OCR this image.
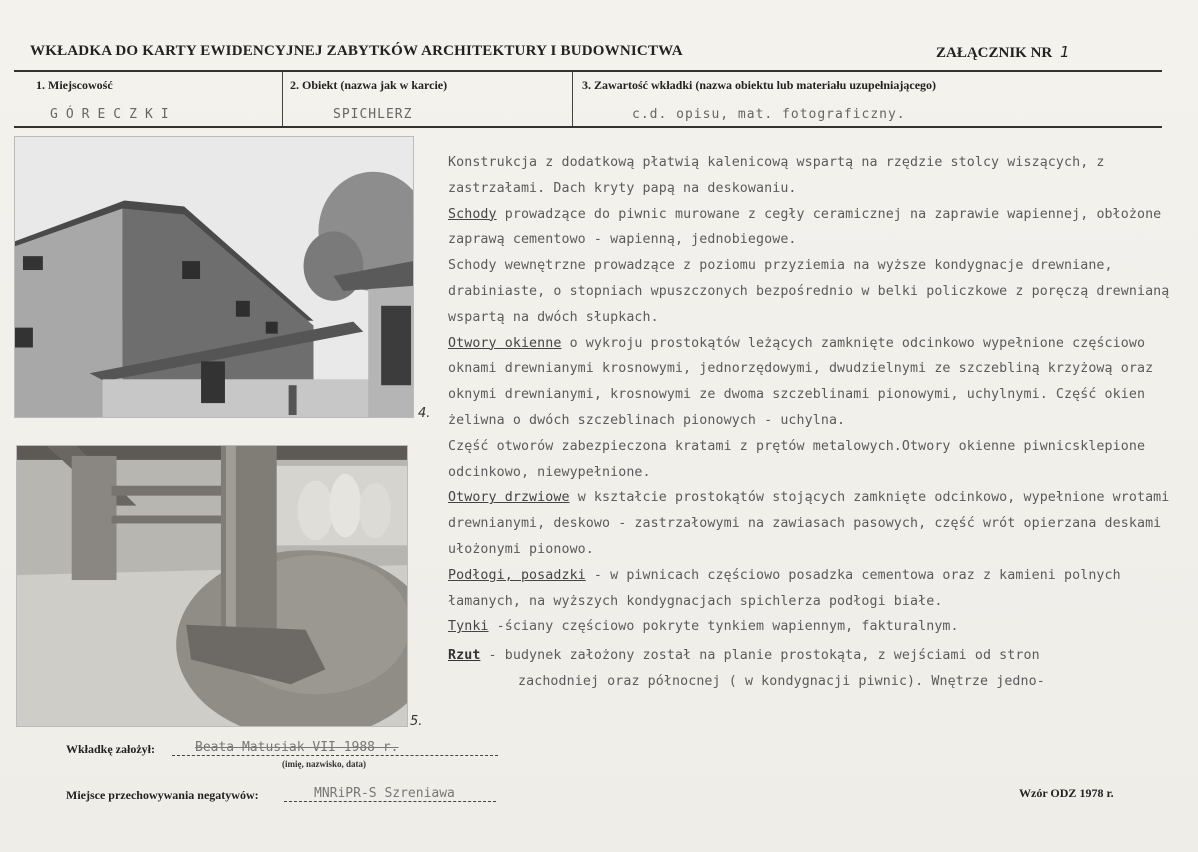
WKŁADKA DO KARTY EWIDENCYJNEJ ZABYTKÓW ARCHITEKTURY I BUDOWNICTWA	ZAŁĄCZNIK NR 1
1. Miejscowość
GÓRECZKI
2. Obiekt (nazwa jak w karcie)
SPICHLERZ
3. Zawartość wkładki (nazwa obiektu lub materiału uzupełniającego)
c.d. opisu, mat. fotograficzny.
4.
5.

Konstrukcja z dodatkową płatwią kalenicową wspartą na rzędzie stolcy wiszących, z zastrzałami. Dach kryty papą na deskowaniu.

Schody prowadzące do piwnic murowane z cegły ceramicznej na zaprawie wapiennej, obłożone zaprawą cementowo - wapienną, jednobiegowe.

Schody wewnętrzne prowadzące z poziomu przyziemia na wyższe kondygnacje drewniane, drabiniaste, o stopniach wpuszczonych bezpośrednio w belki policzkowe z poręczą drewnianą wspartą na dwóch słupkach.

Otwory okienne o wykroju prostokątów leżących zamknięte odcinkowo wypełnione częściowo oknami drewnianymi krosnowymi, jednorzędowymi, dwudzielnymi ze szczebliną krzyżową oraz oknymi drewnianymi, krosnowymi ze dwoma szczeblinami pionowymi, uchylnymi. Część okien żeliwna o dwóch szczeblinach pionowych - uchylna.

Część otworów zabezpieczona kratami z prętów metalowych.Otwory okienne piwnicsklepione odcinkowo, niewypełnione.

Otwory drzwiowe w kształcie prostokątów stojących zamknięte odcinkowo, wypełnione wrotami drewnianymi, deskowo - zastrzałowymi na zawiasach pasowych, część wrót opierzana deskami ułożonymi pionowo.

Podłogi, posadzki - w piwnicach częściowo posadzka cementowa oraz z kamieni polnych łamanych, na wyższych kondygnacjach spichlerza podłogi białe.

Tynki -ściany częściowo pokryte tynkiem wapiennym, fakturalnym.

Rzut - budynek założony został na planie prostokąta, z wejściami od stron

zachodniej oraz północnej ( w kondygnacji piwnic). Wnętrze jedno-

Wkładkę założył:	Beata Matusiak VII 1988 r.
(imię, nazwisko, data)
Miejsce przechowywania negatywów:	MNRiPR-S Szreniawa	Wzór ODZ 1978 r.
